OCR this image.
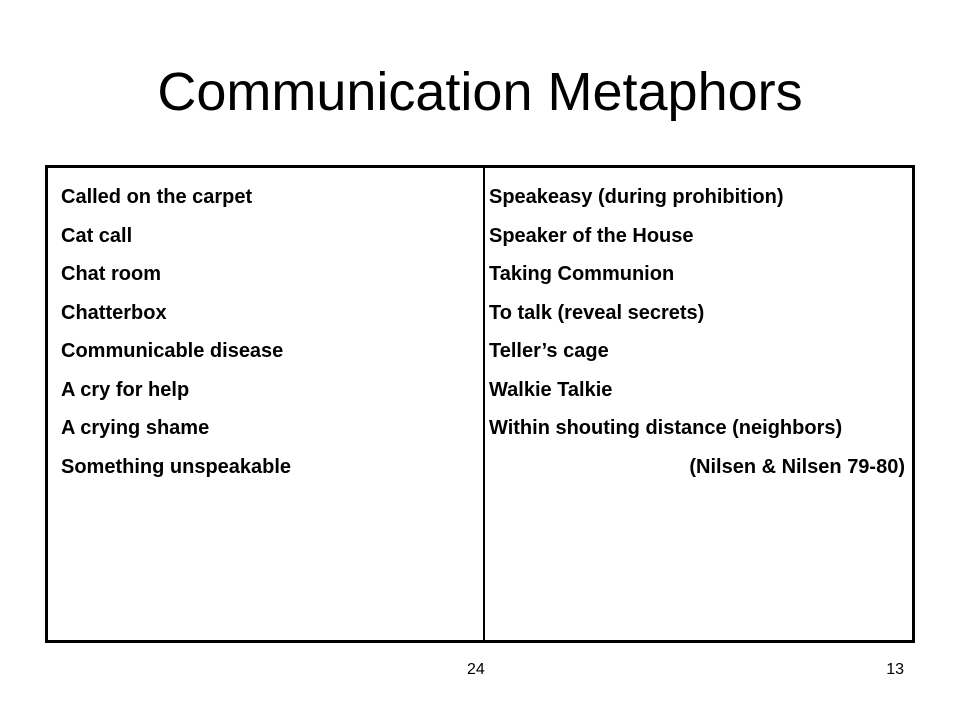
Communication Metaphors

Called on the carpet

Cat call

Chat room

Chatterbox

Communicable disease

A cry for help

A crying shame

Something unspeakable

Speakeasy (during prohibition)

Speaker of the House

Taking Communion

To talk (reveal secrets)

Teller’s cage

Walkie Talkie

Within shouting distance (neighbors)

(Nilsen & Nilsen 79-80)

24	13
